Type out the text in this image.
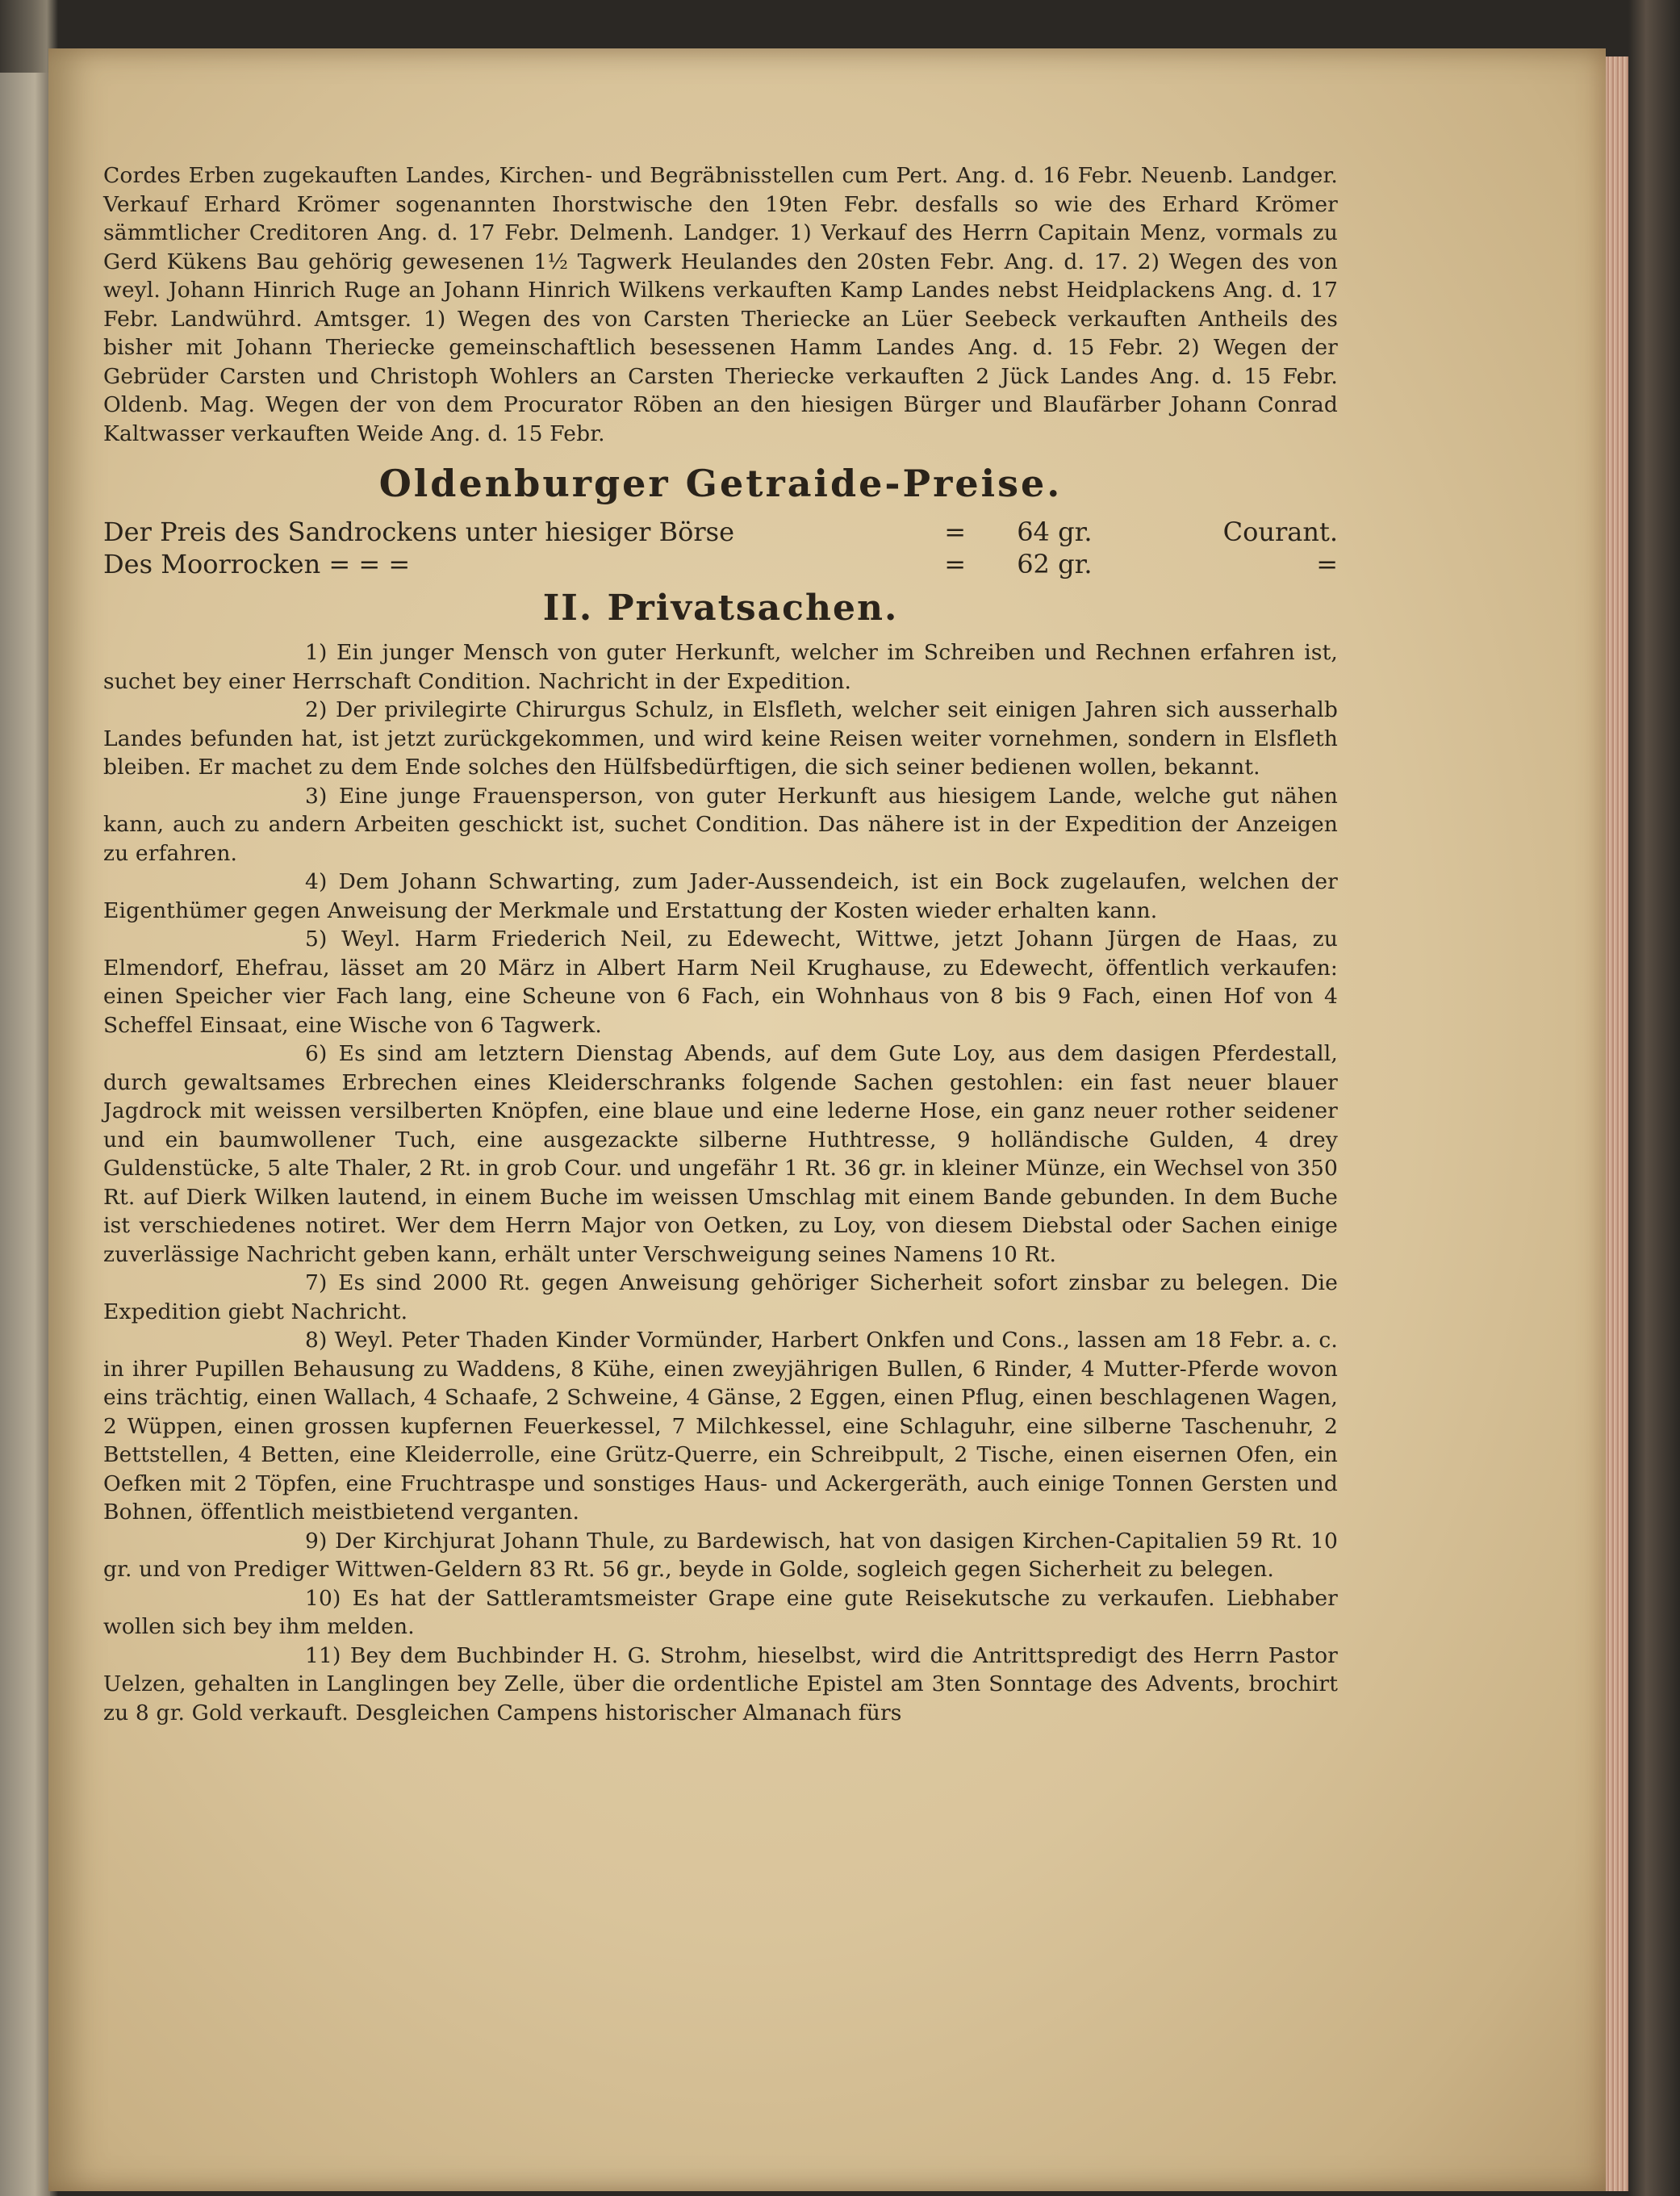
Cordes Erben zugekauften Landes, Kirchen- und Begräbnisstellen cum Pert. Ang. d. 16 Febr. Neuenb. Landger. Verkauf Erhard Krömer sogenannten Ihorstwische den 19ten Febr. desfalls so wie des Erhard Krömer sämmtlicher Creditoren Ang. d. 17 Febr. Delmenh. Landger. 1) Verkauf des Herrn Capitain Menz, vormals zu Gerd Kükens Bau gehörig gewesenen 1½ Tagwerk Heulandes den 20sten Febr. Ang. d. 17. 2) Wegen des von weyl. Johann Hinrich Ruge an Johann Hinrich Wilkens verkauften Kamp Landes nebst Heidplackens Ang. d. 17 Febr. Landwührd. Amtsger. 1) Wegen des von Carsten Theriecke an Lüer Seebeck verkauften Antheils des bisher mit Johann Theriecke gemeinschaftlich besessenen Hamm Landes Ang. d. 15 Febr. 2) Wegen der Gebrüder Carsten und Christoph Wohlers an Carsten Theriecke verkauften 2 Jück Landes Ang. d. 15 Febr. Oldenb. Mag. Wegen der von dem Procurator Röben an den hiesigen Bürger und Blaufärber Johann Conrad Kaltwasser verkauften Weide Ang. d. 15 Febr.

Oldenburger Getraide-Preise.
Der Preis des Sandrockens unter hiesiger Börse	=	64 gr.	Courant.
Des Moorrocken = = =	=	62 gr.	=
II. Privatsachen.

1) Ein junger Mensch von guter Herkunft, welcher im Schreiben und Rechnen erfahren ist, suchet bey einer Herrschaft Condition. Nachricht in der Expedition.

2) Der privilegirte Chirurgus Schulz, in Elsfleth, welcher seit einigen Jahren sich ausserhalb Landes befunden hat, ist jetzt zurückgekommen, und wird keine Reisen weiter vornehmen, sondern in Elsfleth bleiben. Er machet zu dem Ende solches den Hülfsbedürftigen, die sich seiner bedienen wollen, bekannt.

3) Eine junge Frauensperson, von guter Herkunft aus hiesigem Lande, welche gut nähen kann, auch zu andern Arbeiten geschickt ist, suchet Condition. Das nähere ist in der Expedition der Anzeigen zu erfahren.

4) Dem Johann Schwarting, zum Jader-Aussendeich, ist ein Bock zugelaufen, welchen der Eigenthümer gegen Anweisung der Merkmale und Erstattung der Kosten wieder erhalten kann.

5) Weyl. Harm Friederich Neil, zu Edewecht, Wittwe, jetzt Johann Jürgen de Haas, zu Elmendorf, Ehefrau, lässet am 20 März in Albert Harm Neil Krughause, zu Edewecht, öffentlich verkaufen: einen Speicher vier Fach lang, eine Scheune von 6 Fach, ein Wohnhaus von 8 bis 9 Fach, einen Hof von 4 Scheffel Einsaat, eine Wische von 6 Tagwerk.

6) Es sind am letztern Dienstag Abends, auf dem Gute Loy, aus dem dasigen Pferdestall, durch gewaltsames Erbrechen eines Kleiderschranks folgende Sachen gestohlen: ein fast neuer blauer Jagdrock mit weissen versilberten Knöpfen, eine blaue und eine lederne Hose, ein ganz neuer rother seidener und ein baumwollener Tuch, eine ausgezackte silberne Huthtresse, 9 holländische Gulden, 4 drey Guldenstücke, 5 alte Thaler, 2 Rt. in grob Cour. und ungefähr 1 Rt. 36 gr. in kleiner Münze, ein Wechsel von 350 Rt. auf Dierk Wilken lautend, in einem Buche im weissen Umschlag mit einem Bande gebunden. In dem Buche ist verschiedenes notiret. Wer dem Herrn Major von Oetken, zu Loy, von diesem Diebstal oder Sachen einige zuverlässige Nachricht geben kann, erhält unter Verschweigung seines Namens 10 Rt.

7) Es sind 2000 Rt. gegen Anweisung gehöriger Sicherheit sofort zinsbar zu belegen. Die Expedition giebt Nachricht.

8) Weyl. Peter Thaden Kinder Vormünder, Harbert Onkfen und Cons., lassen am 18 Febr. a. c. in ihrer Pupillen Behausung zu Waddens, 8 Kühe, einen zweyjährigen Bullen, 6 Rinder, 4 Mutter-Pferde wovon eins trächtig, einen Wallach, 4 Schaafe, 2 Schweine, 4 Gänse, 2 Eggen, einen Pflug, einen beschlagenen Wagen, 2 Wüppen, einen grossen kupfernen Feuerkessel, 7 Milchkessel, eine Schlaguhr, eine silberne Taschenuhr, 2 Bettstellen, 4 Betten, eine Kleiderrolle, eine Grütz-Querre, ein Schreibpult, 2 Tische, einen eisernen Ofen, ein Oefken mit 2 Töpfen, eine Fruchtraspe und sonstiges Haus- und Ackergeräth, auch einige Tonnen Gersten und Bohnen, öffentlich meistbietend verganten.

9) Der Kirchjurat Johann Thule, zu Bardewisch, hat von dasigen Kirchen-Capitalien 59 Rt. 10 gr. und von Prediger Wittwen-Geldern 83 Rt. 56 gr., beyde in Golde, sogleich gegen Sicherheit zu belegen.

10) Es hat der Sattleramtsmeister Grape eine gute Reisekutsche zu verkaufen. Liebhaber wollen sich bey ihm melden.

11) Bey dem Buchbinder H. G. Strohm, hieselbst, wird die Antrittspredigt des Herrn Pastor Uelzen, gehalten in Langlingen bey Zelle, über die ordentliche Epistel am 3ten Sonntage des Advents, brochirt zu 8 gr. Gold verkauft. Desgleichen Campens historischer Almanach fürs
